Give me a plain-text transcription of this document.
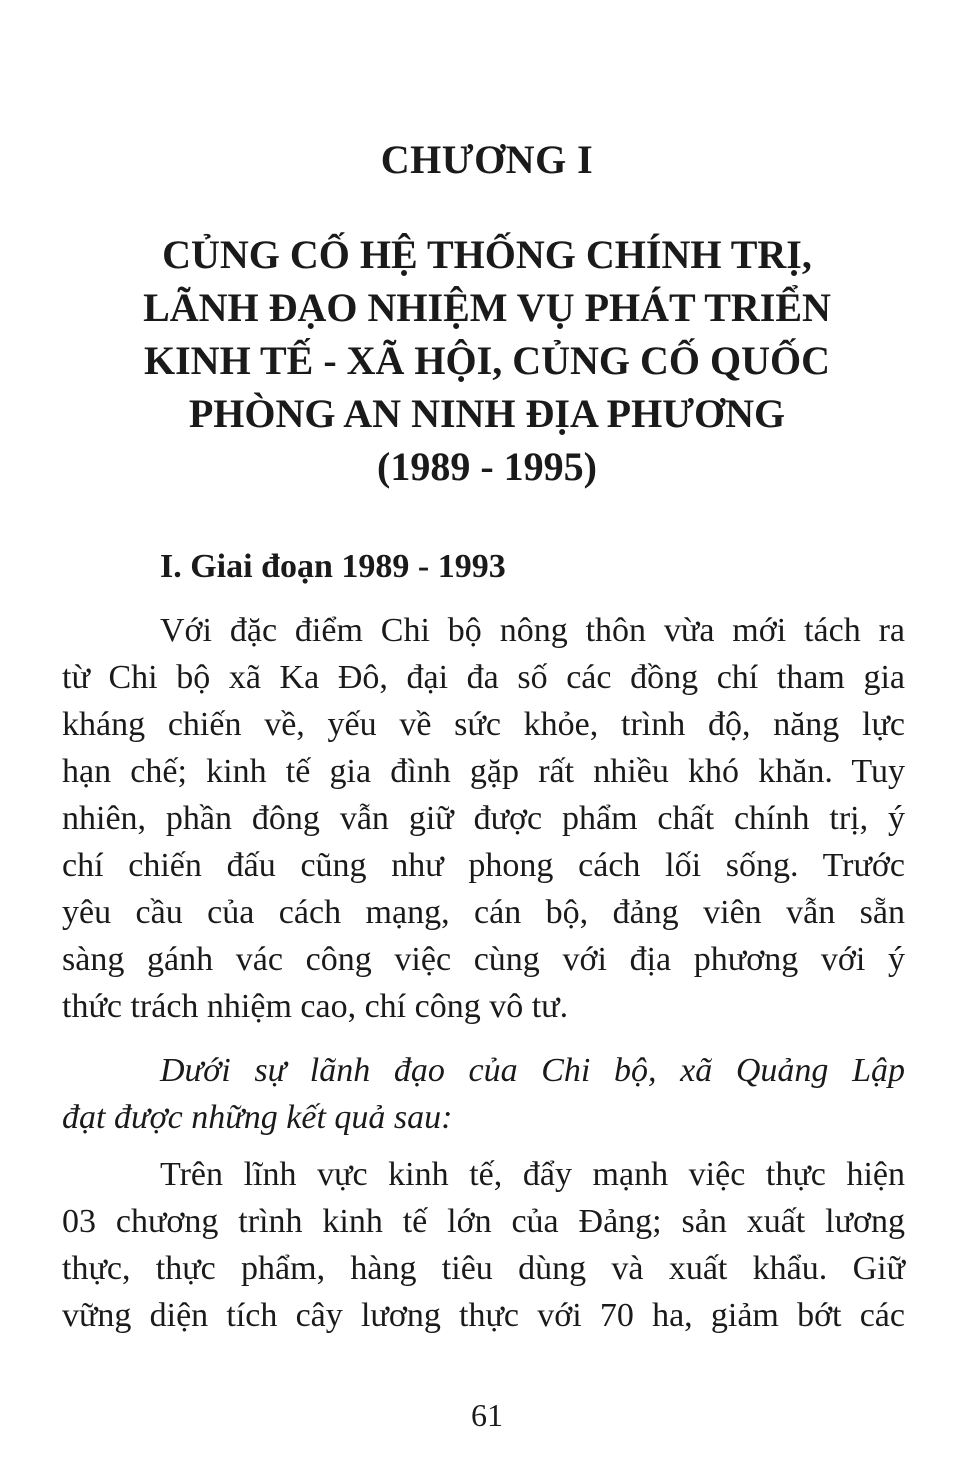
CHƯƠNG I
CỦNG CỐ HỆ THỐNG CHÍNH TRỊ,
LÃNH ĐẠO NHIỆM VỤ PHÁT TRIỂN
KINH TẾ - XÃ HỘI, CỦNG CỐ QUỐC
PHÒNG AN NINH ĐỊA PHƯƠNG
(1989 - 1995)
I. Giai đoạn 1989 - 1993
Với đặc điểm Chi bộ nông thôn vừa mới tách ra
từ Chi bộ xã Ka Đô, đại đa số các đồng chí tham gia
kháng chiến về, yếu về sức khỏe, trình độ, năng lực
hạn chế; kinh tế gia đình gặp rất nhiều khó khăn. Tuy
nhiên, phần đông vẫn giữ được phẩm chất chính trị, ý
chí chiến đấu cũng như phong cách lối sống. Trước
yêu cầu của cách mạng, cán bộ, đảng viên vẫn sẵn
sàng gánh vác công việc cùng với địa phương với ý
thức trách nhiệm cao, chí công vô tư.
Dưới sự lãnh đạo của Chi bộ, xã Quảng Lập
đạt được những kết quả sau:
Trên lĩnh vực kinh tế, đẩy mạnh việc thực hiện
03 chương trình kinh tế lớn của Đảng; sản xuất lương
thực, thực phẩm, hàng tiêu dùng và xuất khẩu. Giữ
vững diện tích cây lương thực với 70 ha, giảm bớt các
61
